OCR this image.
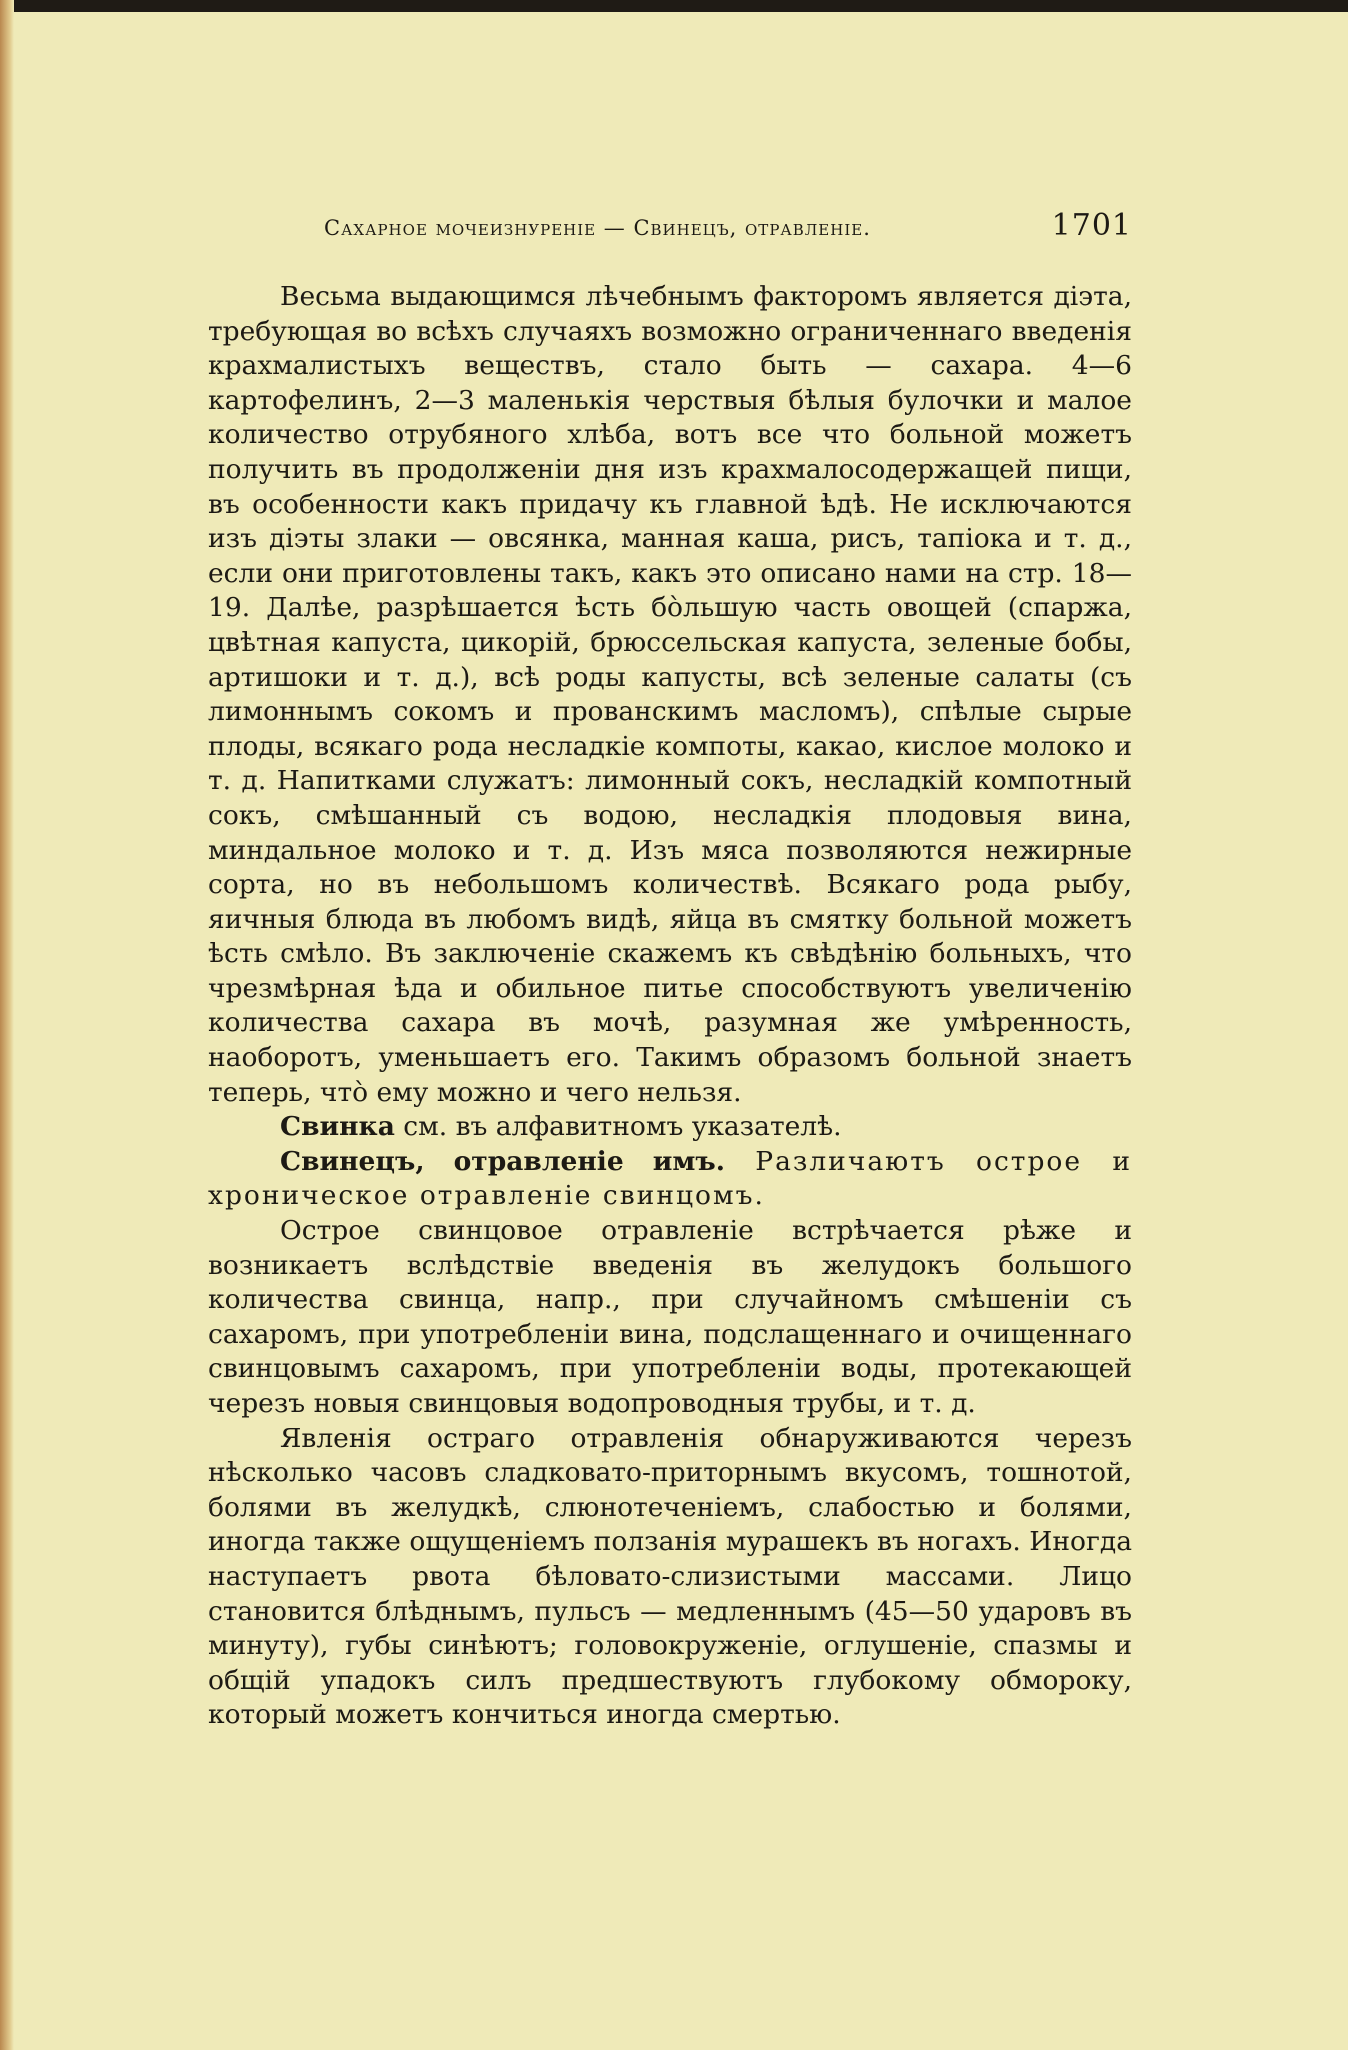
Сахарное мочеизнуреніе — Свинецъ, отравленіе.	1701

Весьма выдающимся лѣчебнымъ факторомъ является діэта, требующая во всѣхъ случаяхъ возможно ограниченнаго введенія крахмалистыхъ веществъ, стало быть — сахара. 4—6 картофелинъ, 2—3 маленькія черствыя бѣлыя булочки и малое количество отрубяного хлѣба, вотъ все что больной можетъ получить въ продолженіи дня изъ крахмалосодержащей пищи, въ особенности какъ придачу къ главной ѣдѣ. Не исключаются изъ діэты злаки — овсянка, манная каша, рисъ, тапіока и т. д., если они приготовлены такъ, какъ это описано нами на стр. 18—19. Далѣе, разрѣшается ѣсть бо̀льшую часть овощей (спаржа, цвѣтная капуста, цикорій, брюссельская капуста, зеленые бобы, артишоки и т. д.), всѣ роды капусты, всѣ зеленые салаты (съ лимоннымъ сокомъ и прованскимъ масломъ), спѣлые сырые плоды, всякаго рода несладкіе компоты, какао, кислое молоко и т. д. Напитками служатъ: лимонный сокъ, несладкій компотный сокъ, смѣшанный съ водою, несладкія плодовыя вина, миндальное молоко и т. д. Изъ мяса позволяются нежирные сорта, но въ небольшомъ количествѣ. Всякаго рода рыбу, яичныя блюда въ любомъ видѣ, яйца въ смятку больной можетъ ѣсть смѣло. Въ заключеніе скажемъ къ свѣдѣнію больныхъ, что чрезмѣрная ѣда и обильное питье способствуютъ увеличенію количества сахара въ мочѣ, разумная же умѣренность, наоборотъ, уменьшаетъ его. Такимъ образомъ больной знаетъ теперь, что̀ ему можно и чего нельзя.

Свинка см. въ алфавитномъ указателѣ.

Свинецъ, отравленіе имъ. Различаютъ острое и хроническое отравленіе свинцомъ.

Острое свинцовое отравленіе встрѣчается рѣже и возникаетъ вслѣдствіе введенія въ желудокъ большого количества свинца, напр., при случайномъ смѣшеніи съ сахаромъ, при употребленіи вина, подслащеннаго и очищеннаго свинцовымъ сахаромъ, при употребленіи воды, протекающей черезъ новыя свинцовыя водопроводныя трубы, и т. д.

Явленія остраго отравленія обнаруживаются черезъ нѣсколько часовъ сладковато-приторнымъ вкусомъ, тошнотой, болями въ желудкѣ, слюнотеченіемъ, слабостью и болями, иногда также ощущеніемъ ползанія мурашекъ въ ногахъ. Иногда наступаетъ рвота бѣловато-слизистыми массами. Лицо становится блѣднымъ, пульсъ — медленнымъ (45—50 ударовъ въ минуту), губы синѣютъ; головокруженіе, оглушеніе, спазмы и общій упадокъ силъ предшествуютъ глубокому обмороку, который можетъ кончиться иногда смертью.
